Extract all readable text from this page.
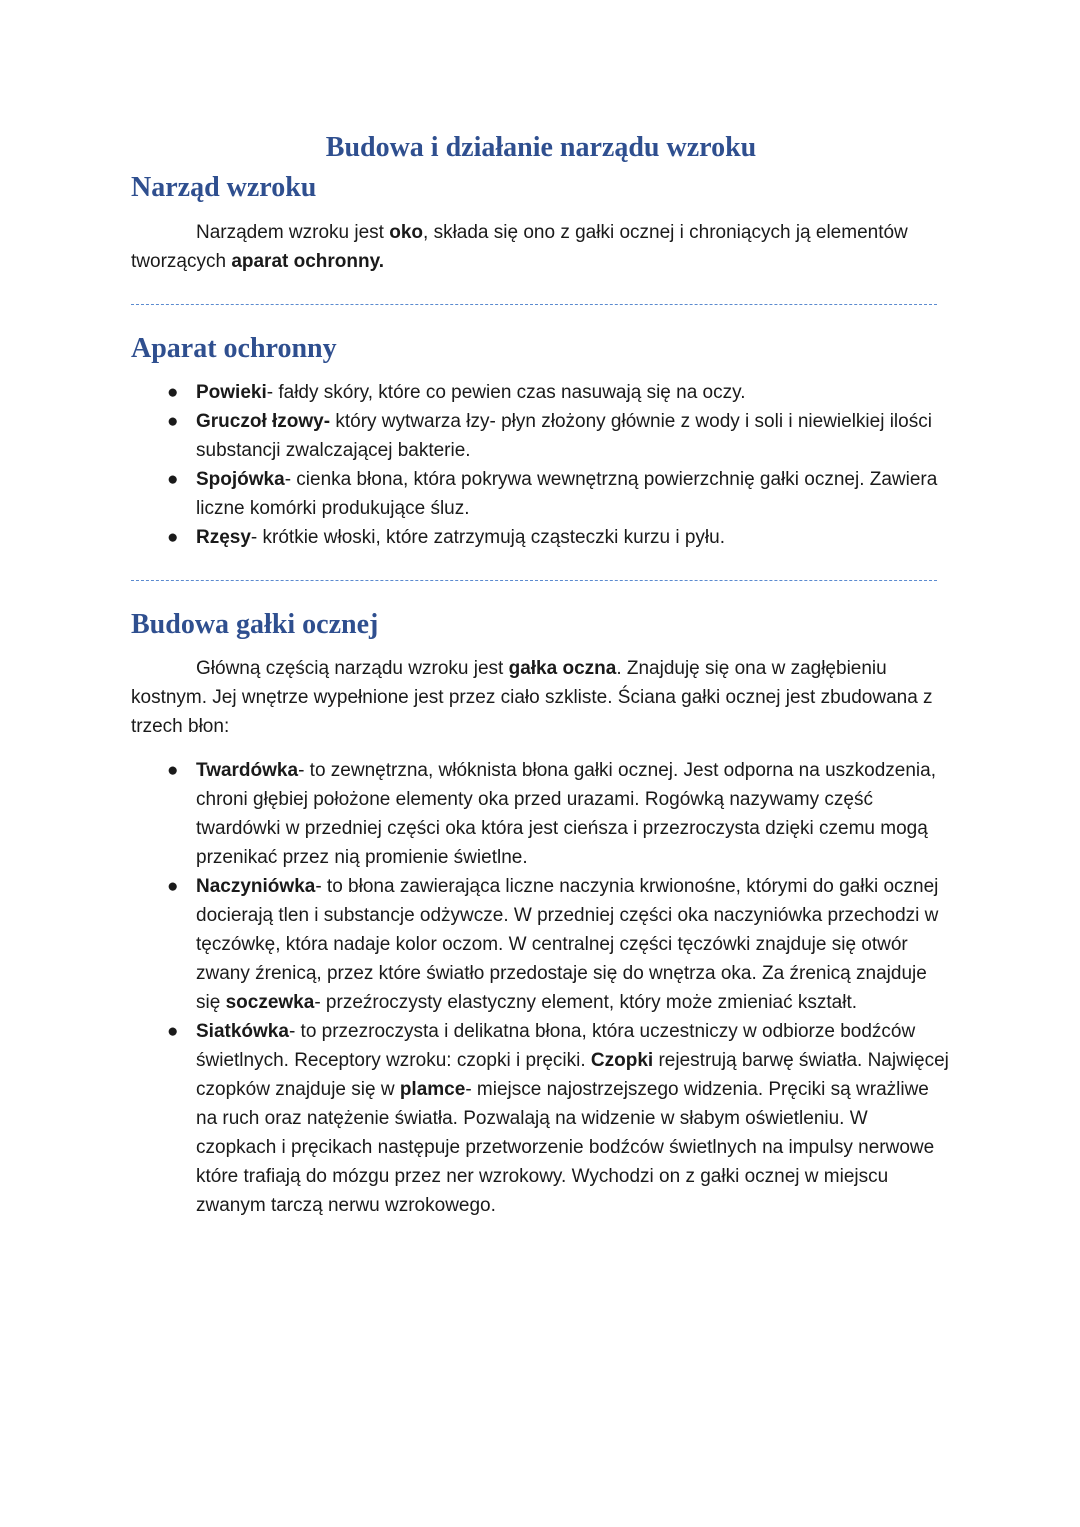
Budowa i działanie narządu wzroku
Narząd wzroku

Narządem wzroku jest oko, składa się ono z gałki ocznej i chroniących ją elementów tworzących aparat ochronny.

Aparat ochronny
● Powieki- fałdy skóry, które co pewien czas nasuwają się na oczy.
● Gruczoł łzowy- który wytwarza łzy- płyn złożony głównie z wody i soli i niewielkiej ilości substancji zwalczającej bakterie.
● Spojówka- cienka błona, która pokrywa wewnętrzną powierzchnię gałki ocznej. Zawiera liczne komórki produkujące śluz.
● Rzęsy- krótkie włoski, które zatrzymują cząsteczki kurzu i pyłu.
Budowa gałki ocznej

Główną częścią narządu wzroku jest gałka oczna. Znajduję się ona w zagłębieniu kostnym. Jej wnętrze wypełnione jest przez ciało szkliste. Ściana gałki ocznej jest zbudowana z trzech błon:

● Twardówka- to zewnętrzna, włóknista błona gałki ocznej. Jest odporna na uszkodzenia, chroni głębiej położone elementy oka przed urazami. Rogówką nazywamy część twardówki w przedniej części oka która jest cieńsza i przezroczysta dzięki czemu mogą przenikać przez nią promienie świetlne.
● Naczyniówka- to błona zawierająca liczne naczynia krwionośne, którymi do gałki ocznej docierają tlen i substancje odżywcze. W przedniej części oka naczyniówka przechodzi w tęczówkę, która nadaje kolor oczom. W centralnej części tęczówki znajduje się otwór zwany źrenicą, przez które światło przedostaje się do wnętrza oka. Za źrenicą znajduje się soczewka- przeźroczysty elastyczny element, który może zmieniać kształt.
● Siatkówka- to przezroczysta i delikatna błona, która uczestniczy w odbiorze bodźców świetlnych. Receptory wzroku: czopki i pręciki. Czopki rejestrują barwę światła. Najwięcej czopków znajduje się w plamce- miejsce najostrzejszego widzenia. Pręciki są wrażliwe na ruch oraz natężenie światła. Pozwalają na widzenie w słabym oświetleniu. W czopkach i pręcikach następuje przetworzenie bodźców świetlnych na impulsy nerwowe które trafiają do mózgu przez ner wzrokowy. Wychodzi on z gałki ocznej w miejscu zwanym tarczą nerwu wzrokowego.
